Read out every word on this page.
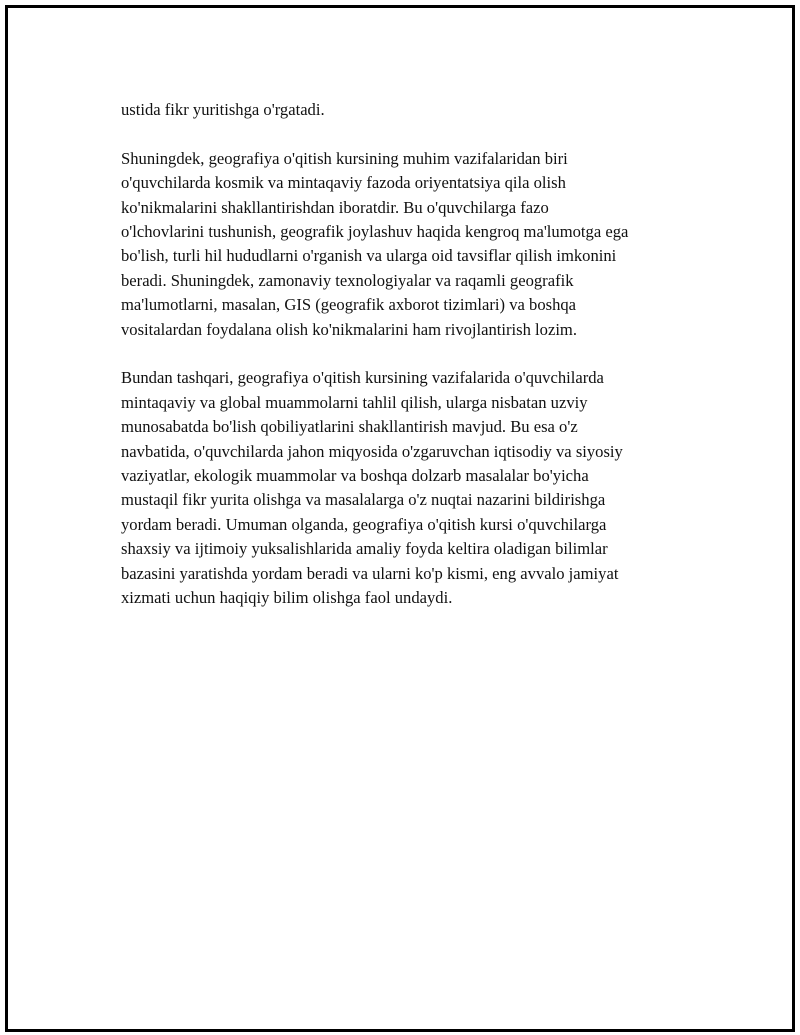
ustida fikr yuritishga o'rgatadi.

Shuningdek, geografiya o'qitish kursining muhim vazifalaridan biri
o'quvchilarda kosmik va mintaqaviy fazoda oriyentatsiya qila olish
ko'nikmalarini shakllantirishdan iboratdir. Bu o'quvchilarga fazo
o'lchovlarini tushunish, geografik joylashuv haqida kengroq ma'lumotga ega
bo'lish, turli hil hududlarni o'rganish va ularga oid tavsiflar qilish imkonini
beradi. Shuningdek, zamonaviy texnologiyalar va raqamli geografik
ma'lumotlarni, masalan, GIS (geografik axborot tizimlari) va boshqa
vositalardan foydalana olish ko'nikmalarini ham rivojlantirish lozim.

Bundan tashqari, geografiya o'qitish kursining vazifalarida o'quvchilarda
mintaqaviy va global muammolarni tahlil qilish, ularga nisbatan uzviy
munosabatda bo'lish qobiliyatlarini shakllantirish mavjud. Bu esa o'z
navbatida, o'quvchilarda jahon miqyosida o'zgaruvchan iqtisodiy va siyosiy
vaziyatlar, ekologik muammolar va boshqa dolzarb masalalar bo'yicha
mustaqil fikr yurita olishga va masalalarga o'z nuqtai nazarini bildirishga
yordam beradi. Umuman olganda, geografiya o'qitish kursi o'quvchilarga
shaxsiy va ijtimoiy yuksalishlarida amaliy foyda keltira oladigan bilimlar
bazasini yaratishda yordam beradi va ularni ko'p kismi, eng avvalo jamiyat
xizmati uchun haqiqiy bilim olishga faol undaydi.
